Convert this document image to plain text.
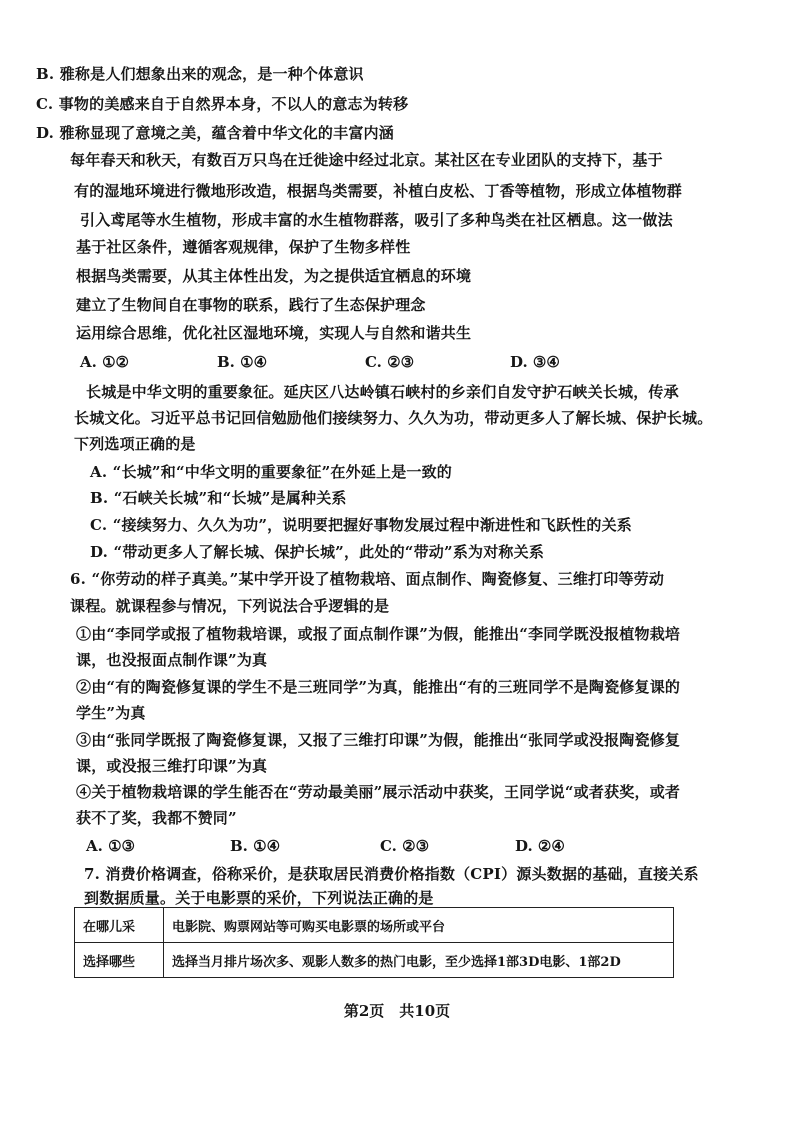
B. 雅称是人们想象出来的观念，是一种个体意识
C. 事物的美感来自于自然界本身，不以人的意志为转移
D. 雅称显现了意境之美，蕴含着中华文化的丰富内涵
每年春天和秋天，有数百万只鸟在迁徙途中经过北京。某社区在专业团队的支持下，基于
有的湿地环境进行微地形改造，根据鸟类需要，补植白皮松、丁香等植物，形成立体植物群
引入鸢尾等水生植物，形成丰富的水生植物群落，吸引了多种鸟类在社区栖息。这一做法
基于社区条件，遵循客观规律，保护了生物多样性
根据鸟类需要，从其主体性出发，为之提供适宜栖息的环境
建立了生物间自在事物的联系，践行了生态保护理念
运用综合思维，优化社区湿地环境，实现人与自然和谐共生
A. ①②	B. ①④	C. ②③	D. ③④
长城是中华文明的重要象征。延庆区八达岭镇石峡村的乡亲们自发守护石峡关长城，传承
长城文化。习近平总书记回信勉励他们接续努力、久久为功，带动更多人了解长城、保护长城。
下列选项正确的是
A. “长城”和“中华文明的重要象征”在外延上是一致的
B. “石峡关长城”和“长城”是属种关系
C. “接续努力、久久为功”，说明要把握好事物发展过程中渐进性和飞跃性的关系
D. “带动更多人了解长城、保护长城”，此处的“带动”系为对称关系
6. “你劳动的样子真美。”某中学开设了植物栽培、面点制作、陶瓷修复、三维打印等劳动
课程。就课程参与情况，下列说法合乎逻辑的是
①由“李同学或报了植物栽培课，或报了面点制作课”为假，能推出“李同学既没报植物栽培
课，也没报面点制作课”为真
②由“有的陶瓷修复课的学生不是三班同学”为真，能推出“有的三班同学不是陶瓷修复课的
学生”为真
③由“张同学既报了陶瓷修复课，又报了三维打印课”为假，能推出“张同学或没报陶瓷修复
课，或没报三维打印课”为真
④关于植物栽培课的学生能否在“劳动最美丽”展示活动中获奖，王同学说“或者获奖，或者
获不了奖，我都不赞同”
A. ①③	B. ①④	C. ②③	D. ②④
7. 消费价格调查，俗称采价，是获取居民消费价格指数（CPI）源头数据的基础，直接关系
到数据质量。关于电影票的采价，下列说法正确的是
在哪儿采	电影院、购票网站等可购买电影票的场所或平台
选择哪些	选择当月排片场次多、观影人数多的热门电影，至少选择1部3D电影、1部2D
第2页　共10页
